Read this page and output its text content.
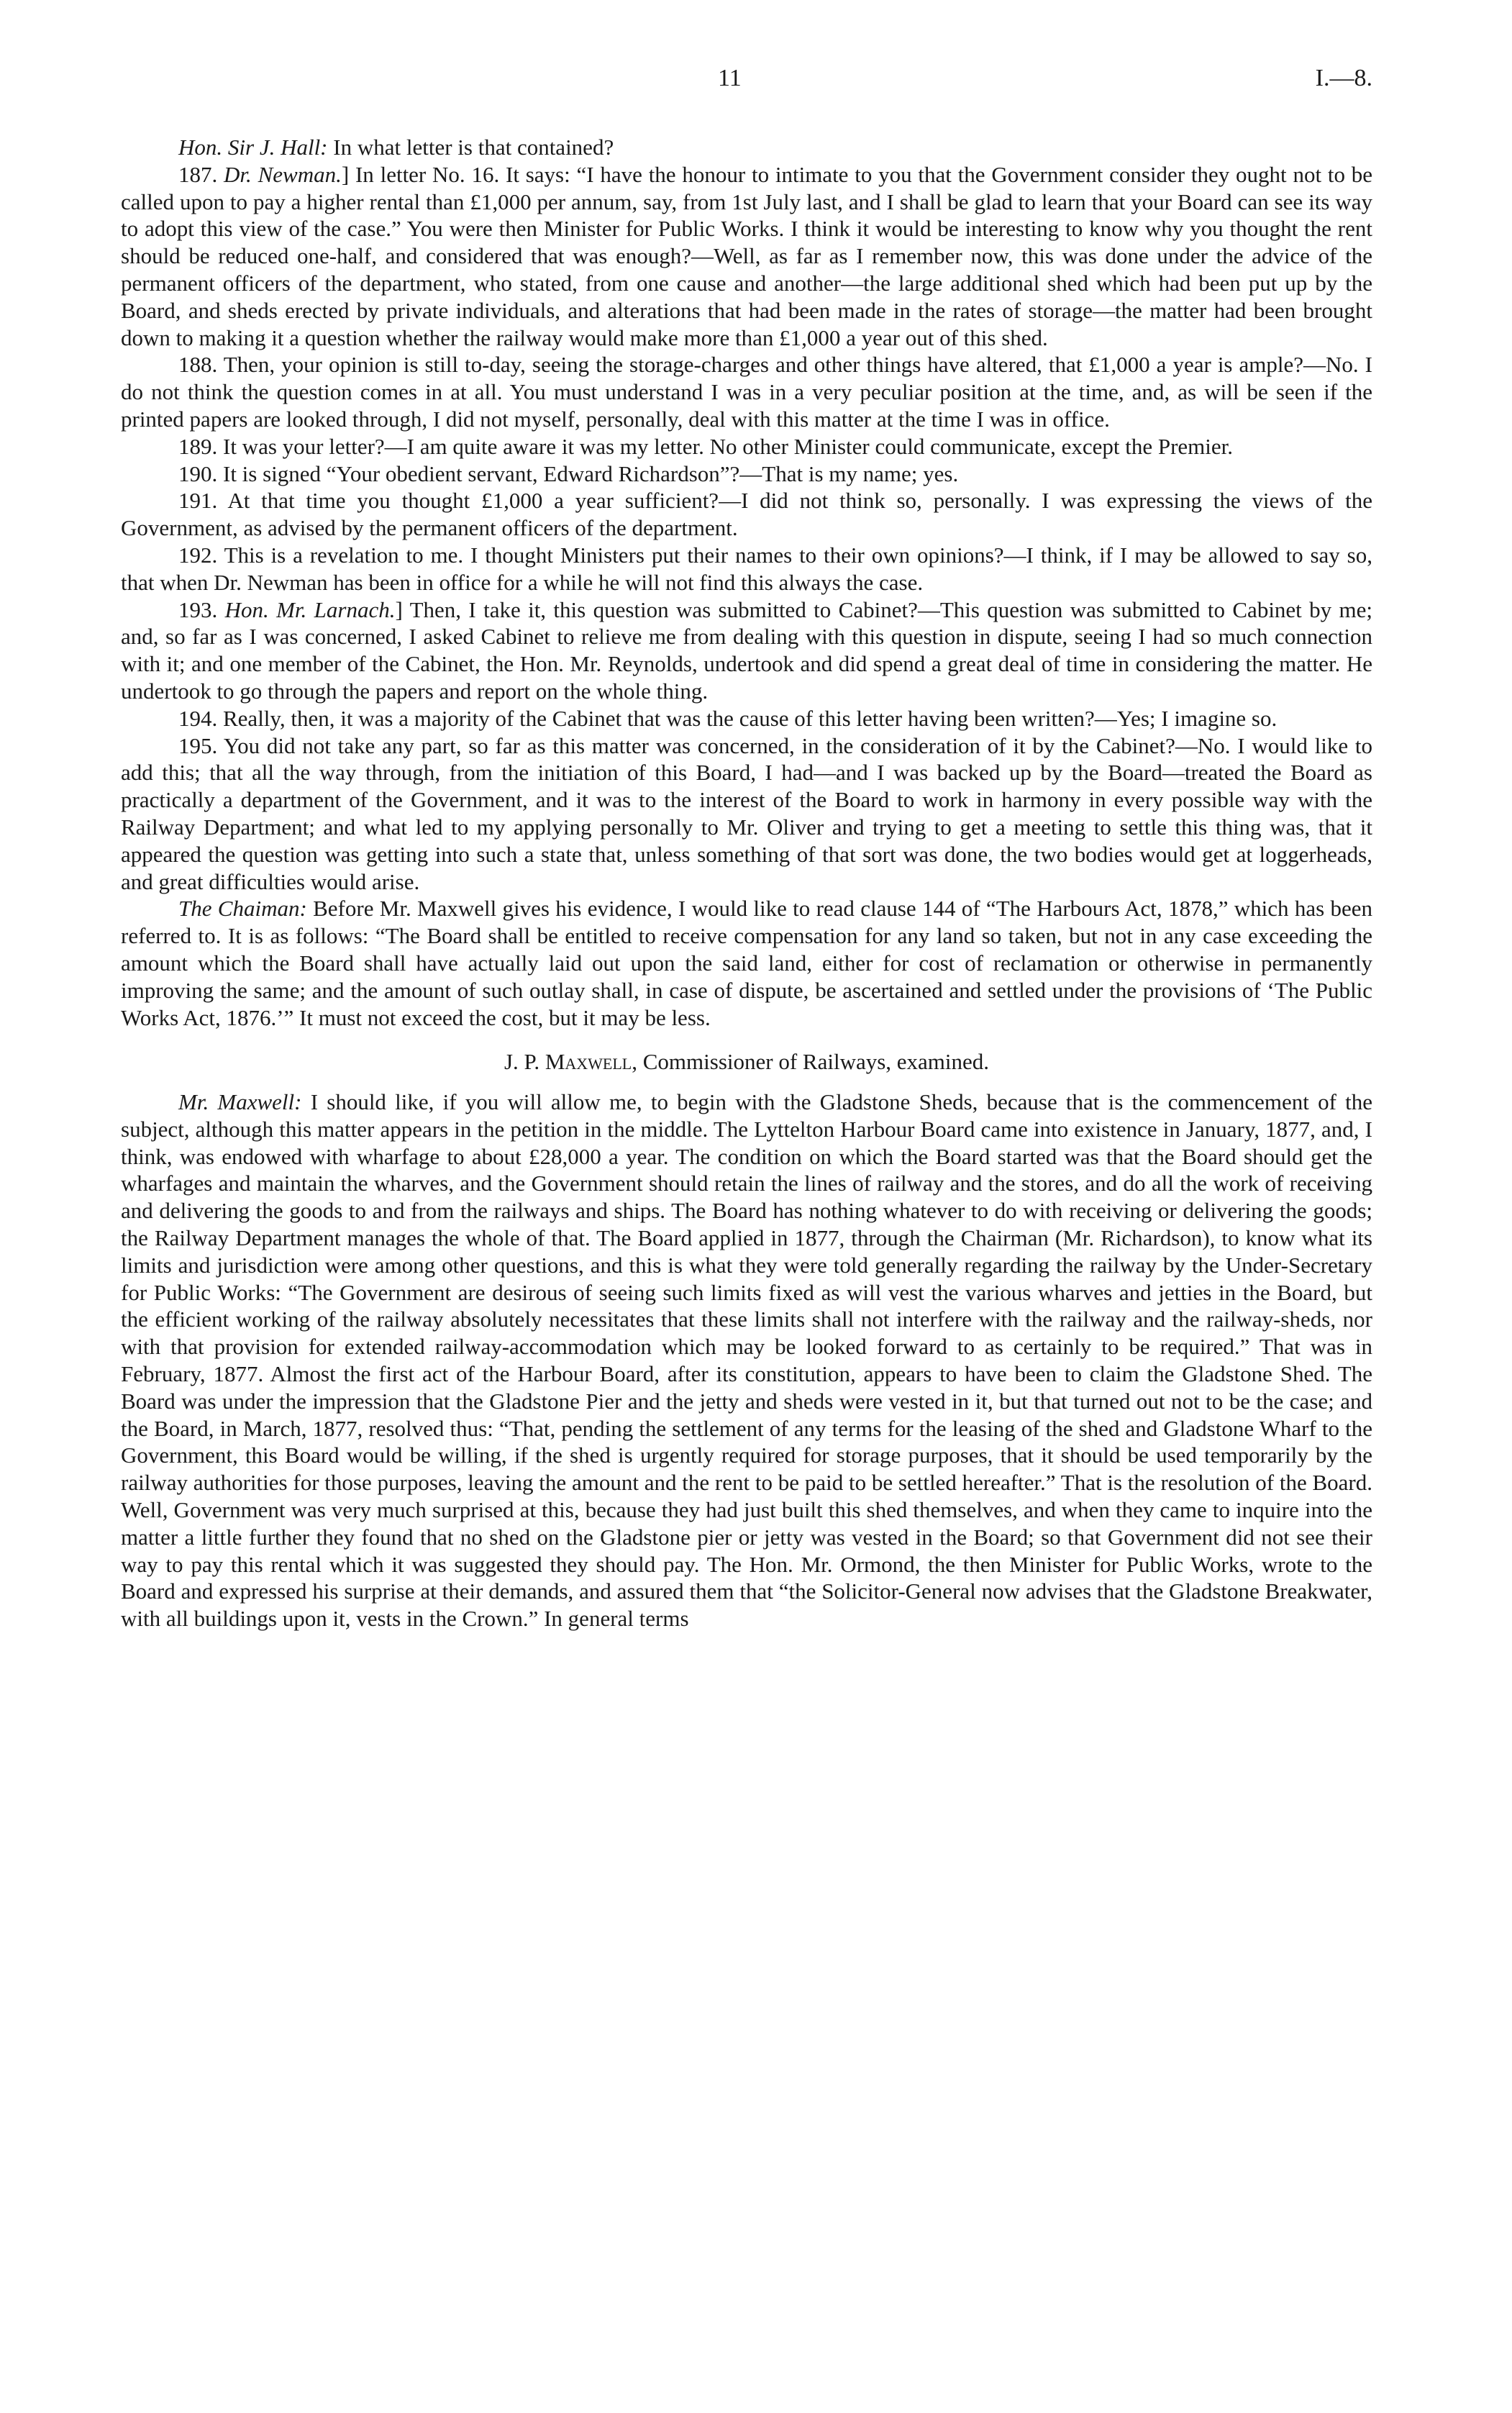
11	I.—8.

Hon. Sir J. Hall: In what letter is that contained?

187. Dr. Newman.] In letter No. 16. It says: “I have the honour to intimate to you that the Government consider they ought not to be called upon to pay a higher rental than £1,000 per annum, say, from 1st July last, and I shall be glad to learn that your Board can see its way to adopt this view of the case.” You were then Minister for Public Works. I think it would be interesting to know why you thought the rent should be reduced one-half, and considered that was enough?—Well, as far as I remember now, this was done under the advice of the permanent officers of the department, who stated, from one cause and another—the large additional shed which had been put up by the Board, and sheds erected by private individuals, and alterations that had been made in the rates of storage—the matter had been brought down to making it a question whether the railway would make more than £1,000 a year out of this shed.

188. Then, your opinion is still to-day, seeing the storage-charges and other things have altered, that £1,000 a year is ample?—No. I do not think the question comes in at all. You must understand I was in a very peculiar position at the time, and, as will be seen if the printed papers are looked through, I did not myself, personally, deal with this matter at the time I was in office.

189. It was your letter?—I am quite aware it was my letter. No other Minister could communicate, except the Premier.

190. It is signed “Your obedient servant, Edward Richardson”?—That is my name; yes.

191. At that time you thought £1,000 a year sufficient?—I did not think so, personally. I was expressing the views of the Government, as advised by the permanent officers of the department.

192. This is a revelation to me. I thought Ministers put their names to their own opinions?—I think, if I may be allowed to say so, that when Dr. Newman has been in office for a while he will not find this always the case.

193. Hon. Mr. Larnach.] Then, I take it, this question was submitted to Cabinet?—This question was submitted to Cabinet by me; and, so far as I was concerned, I asked Cabinet to relieve me from dealing with this question in dispute, seeing I had so much connection with it; and one member of the Cabinet, the Hon. Mr. Reynolds, undertook and did spend a great deal of time in considering the matter. He undertook to go through the papers and report on the whole thing.

194. Really, then, it was a majority of the Cabinet that was the cause of this letter having been written?—Yes; I imagine so.

195. You did not take any part, so far as this matter was concerned, in the consideration of it by the Cabinet?—No. I would like to add this; that all the way through, from the initiation of this Board, I had—and I was backed up by the Board—treated the Board as practically a department of the Government, and it was to the interest of the Board to work in harmony in every possible way with the Railway Department; and what led to my applying personally to Mr. Oliver and trying to get a meeting to settle this thing was, that it appeared the question was getting into such a state that, unless something of that sort was done, the two bodies would get at loggerheads, and great difficulties would arise.

The Chaiman: Before Mr. Maxwell gives his evidence, I would like to read clause 144 of “The Harbours Act, 1878,” which has been referred to. It is as follows: “The Board shall be entitled to receive compensation for any land so taken, but not in any case exceeding the amount which the Board shall have actually laid out upon the said land, either for cost of reclamation or otherwise in permanently improving the same; and the amount of such outlay shall, in case of dispute, be ascertained and settled under the provisions of ‘The Public Works Act, 1876.’” It must not exceed the cost, but it may be less.

J. P. Maxwell, Commissioner of Railways, examined.

Mr. Maxwell: I should like, if you will allow me, to begin with the Gladstone Sheds, because that is the commencement of the subject, although this matter appears in the petition in the middle. The Lyttelton Harbour Board came into existence in January, 1877, and, I think, was endowed with wharfage to about £28,000 a year. The condition on which the Board started was that the Board should get the wharfages and maintain the wharves, and the Government should retain the lines of railway and the stores, and do all the work of receiving and delivering the goods to and from the railways and ships. The Board has nothing whatever to do with receiving or delivering the goods; the Railway Department manages the whole of that. The Board applied in 1877, through the Chairman (Mr. Richardson), to know what its limits and jurisdiction were among other questions, and this is what they were told generally regarding the railway by the Under-Secretary for Public Works: “The Government are desirous of seeing such limits fixed as will vest the various wharves and jetties in the Board, but the efficient working of the railway absolutely necessitates that these limits shall not interfere with the railway and the railway-sheds, nor with that provision for extended railway-accommodation which may be looked forward to as certainly to be required.” That was in February, 1877. Almost the first act of the Harbour Board, after its constitution, appears to have been to claim the Gladstone Shed. The Board was under the impression that the Gladstone Pier and the jetty and sheds were vested in it, but that turned out not to be the case; and the Board, in March, 1877, resolved thus: “That, pending the settlement of any terms for the leasing of the shed and Gladstone Wharf to the Government, this Board would be willing, if the shed is urgently required for storage purposes, that it should be used temporarily by the railway authorities for those purposes, leaving the amount and the rent to be paid to be settled hereafter.” That is the resolution of the Board. Well, Government was very much surprised at this, because they had just built this shed themselves, and when they came to inquire into the matter a little further they found that no shed on the Gladstone pier or jetty was vested in the Board; so that Government did not see their way to pay this rental which it was suggested they should pay. The Hon. Mr. Ormond, the then Minister for Public Works, wrote to the Board and expressed his surprise at their demands, and assured them that “the Solicitor-General now advises that the Gladstone Breakwater, with all buildings upon it, vests in the Crown.” In general terms
